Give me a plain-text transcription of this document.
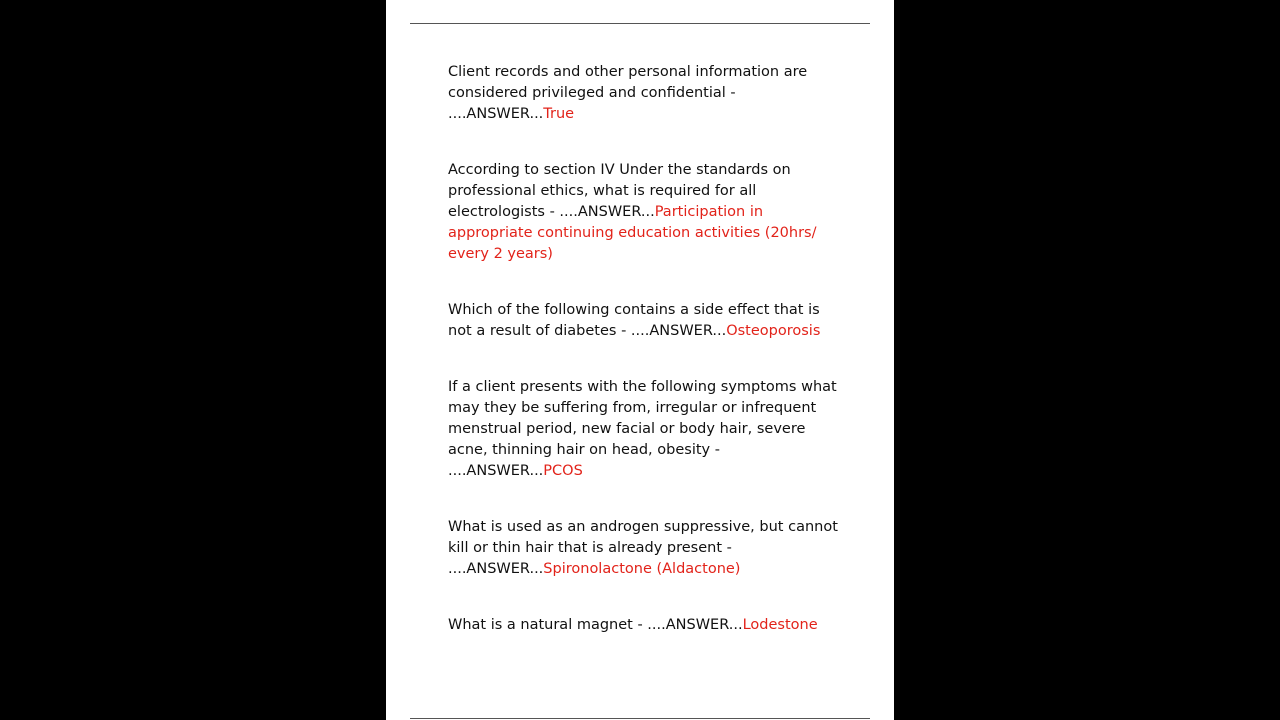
Client records and other personal information are considered privileged and confidential - ....ANSWER...True

According to section IV Under the standards on professional ethics, what is required for all electrologists - ....ANSWER...Participation in appropriate continuing education activities (20hrs/ every 2 years)

Which of the following contains a side effect that is not a result of diabetes - ....ANSWER...Osteoporosis

If a client presents with the following symptoms what may they be suffering from, irregular or infrequent menstrual period, new facial or body hair, severe acne, thinning hair on head, obesity - ....ANSWER...PCOS

What is used as an androgen suppressive, but cannot kill or thin hair that is already present - ....ANSWER...Spironolactone (Aldactone)

What is a natural magnet - ....ANSWER...Lodestone
